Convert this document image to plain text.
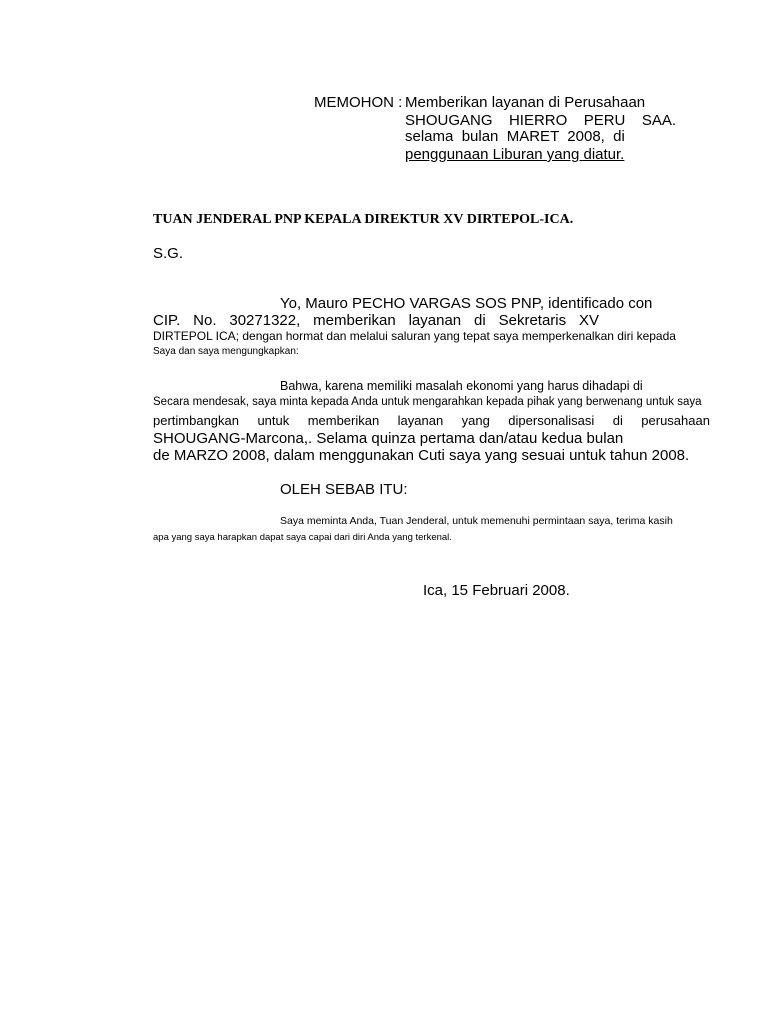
MEMOHON : Memberikan layanan di Perusahaan
SHOUGANG HIERRO PERU SAA.
selama  bulan  MARET  2008,  di
penggunaan Liburan yang diatur.
TUAN JENDERAL PNP KEPALA DIREKTUR XV DIRTEPOL-ICA.
S.G.
Yo, Mauro PECHO VARGAS SOS PNP, identificado con
CIP. No. 30271322, memberikan layanan di Sekretaris XV
DIRTEPOL ICA; dengan hormat dan melalui saluran yang tepat saya memperkenalkan diri kepada
Saya dan saya mengungkapkan:
Bahwa, karena memiliki masalah ekonomi yang harus dihadapi di
Secara mendesak, saya minta kepada Anda untuk mengarahkan kepada pihak yang berwenang untuk saya
pertimbangkan untuk memberikan layanan yang dipersonalisasi di perusahaan
SHOUGANG-Marcona,. Selama quinza pertama dan/atau kedua bulan
de MARZO 2008, dalam menggunakan Cuti saya yang sesuai untuk tahun 2008.
OLEH SEBAB ITU:
Saya meminta Anda, Tuan Jenderal, untuk memenuhi permintaan saya, terima kasih
apa yang saya harapkan dapat saya capai dari diri Anda yang terkenal.
Ica, 15 Februari 2008.
